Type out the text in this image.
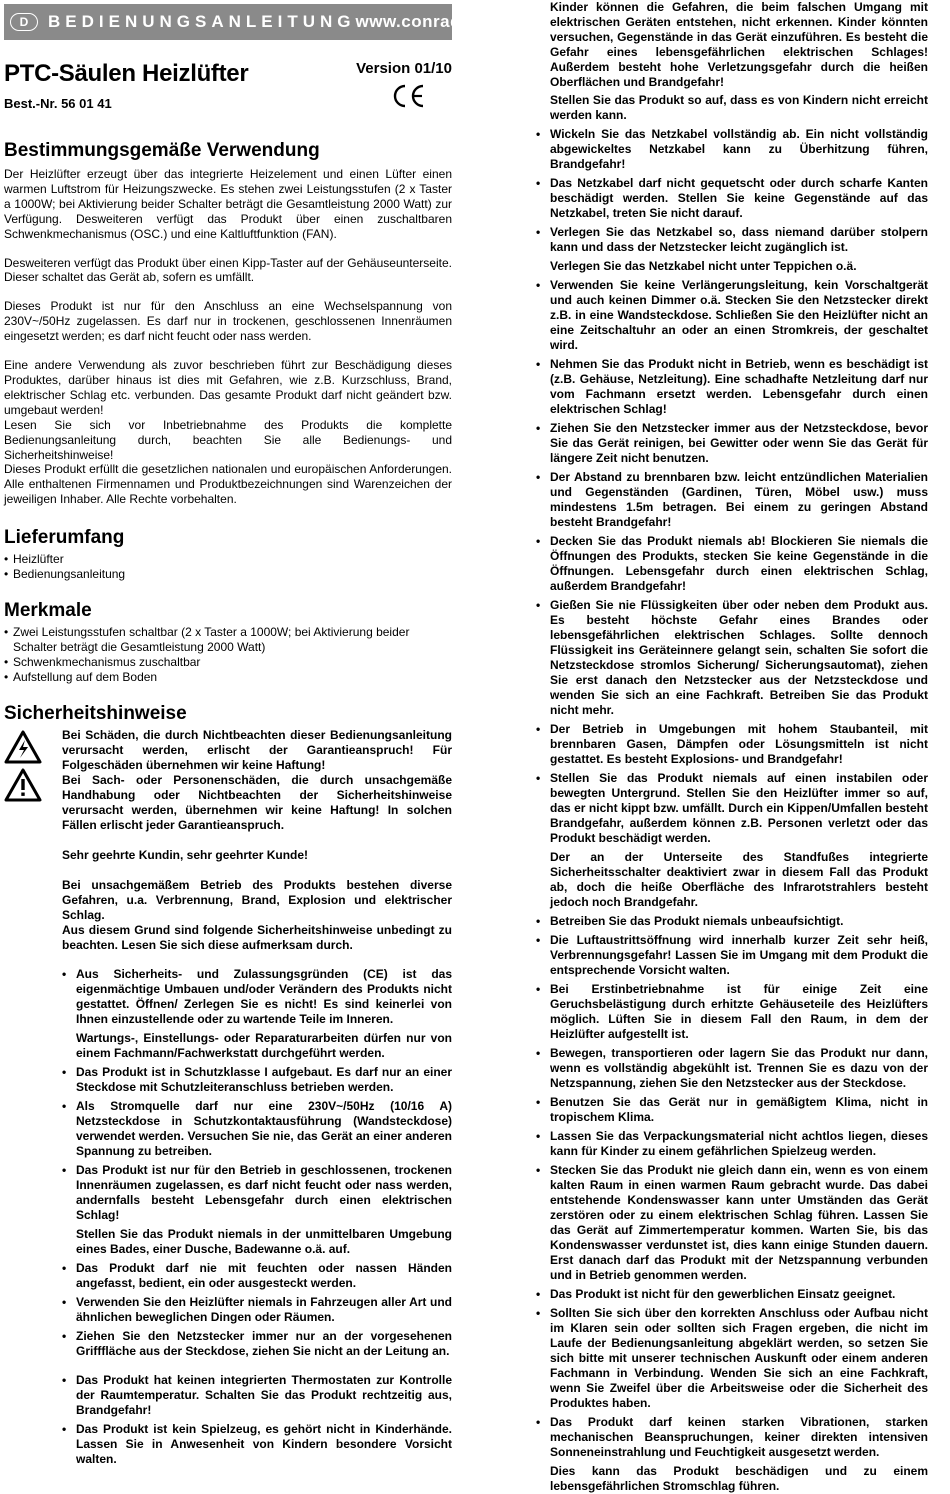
D	BEDIENUNGSANLEITUNG www.conrad.com
PTC-Säulen Heizlüfter
Best.-Nr. 56 01 41
Version 01/10
Bestimmungsgemäße Verwendung

Der Heizlüfter erzeugt über das integrierte Heizelement und einen Lüfter einen warmen Luftstrom für Heizungszwecke. Es stehen zwei Leistungsstufen (2 x Taster a 1000W; bei Aktivierung beider Schalter beträgt die Gesamtleistung 2000 Watt) zur Verfügung. Desweiteren verfügt das Produkt über einen zuschaltbaren Schwenkmechanismus (OSC.) und eine Kaltluftfunktion (FAN).

Desweiteren verfügt das Produkt über einen Kipp-Taster auf der Gehäuseunterseite. Dieser schaltet das Gerät ab, sofern es umfällt.

Dieses Produkt ist nur für den Anschluss an eine Wechselspannung von 230V~/50Hz zugelassen. Es darf nur in trockenen, geschlossenen Innenräumen eingesetzt werden; es darf nicht feucht oder nass werden.

Eine andere Verwendung als zuvor beschrieben führt zur Beschädigung dieses Produktes, darüber hinaus ist dies mit Gefahren, wie z.B. Kurzschluss, Brand, elektrischer Schlag etc. verbunden. Das gesamte Produkt darf nicht geändert bzw. umgebaut werden!

Lesen Sie sich vor Inbetriebnahme des Produkts die komplette Bedienungsanleitung durch, beachten Sie alle Bedienungs- und Sicherheitshinweise!

Dieses Produkt erfüllt die gesetzlichen nationalen und europäischen Anforderungen. Alle enthaltenen Firmennamen und Produktbezeichnungen sind Warenzeichen der jeweiligen Inhaber. Alle Rechte vorbehalten.

Lieferumfang
• Heizlüfter
• Bedienungsanleitung
Merkmale
• Zwei Leistungsstufen schaltbar (2 x Taster a 1000W; bei Aktivierung beider Schalter beträgt die Gesamtleistung 2000 Watt)
• Schwenkmechanismus zuschaltbar
• Aufstellung auf dem Boden
Sicherheitshinweise

Bei Schäden, die durch Nichtbeachten dieser Bedienungsanleitung verursacht werden, erlischt der Garantieanspruch! Für Folgeschäden übernehmen wir keine Haftung!

Bei Sach- oder Personenschäden, die durch unsachgemäße Handhabung oder Nichtbeachten der Sicherheitshinweise verursacht werden, übernehmen wir keine Haftung! In solchen Fällen erlischt jeder Garantieanspruch.

Sehr geehrte Kundin, sehr geehrter Kunde!

Bei unsachgemäßem Betrieb des Produkts bestehen diverse Gefahren, u.a. Verbrennung, Brand, Explosion und elektrischer Schlag.

Aus diesem Grund sind folgende Sicherheitshinweise unbedingt zu beachten. Lesen Sie sich diese aufmerksam durch.

• Aus Sicherheits- und Zulassungsgründen (CE) ist das eigenmächtige Umbauen und/oder Verändern des Produkts nicht gestattet. Öffnen/ Zerlegen Sie es nicht! Es sind keinerlei von Ihnen einzustellende oder zu wartende Teile im Inneren.
Wartungs-, Einstellungs- oder Reparaturarbeiten dürfen nur von einem Fachmann/Fachwerkstatt durchgeführt werden.
• Das Produkt ist in Schutzklasse I aufgebaut. Es darf nur an einer Steckdose mit Schutzleiteranschluss betrieben werden.
• Als Stromquelle darf nur eine 230V~/50Hz (10/16 A) Netzsteckdose in Schutzkontaktausführung (Wandsteckdose) verwendet werden. Versuchen Sie nie, das Gerät an einer anderen Spannung zu betreiben.
• Das Produkt ist nur für den Betrieb in geschlossenen, trockenen Innenräumen zugelassen, es darf nicht feucht oder nass werden, andernfalls besteht Lebensgefahr durch einen elektrischen Schlag!
Stellen Sie das Produkt niemals in der unmittelbaren Umgebung eines Bades, einer Dusche, Badewanne o.ä. auf.
• Das Produkt darf nie mit feuchten oder nassen Händen angefasst, bedient, ein oder ausgesteckt werden.
• Verwenden Sie den Heizlüfter niemals in Fahrzeugen aller Art und ähnlichen beweglichen Dingen oder Räumen.
• Ziehen Sie den Netzstecker immer nur an der vorgesehenen Grifffläche aus der Steckdose, ziehen Sie nicht an der Leitung an.
• Das Produkt hat keinen integrierten Thermostaten zur Kontrolle der Raumtemperatur. Schalten Sie das Produkt rechtzeitig aus, Brandgefahr!
• Das Produkt ist kein Spielzeug, es gehört nicht in Kinderhände. Lassen Sie in Anwesenheit von Kindern besondere Vorsicht walten.

Kinder können die Gefahren, die beim falschen Umgang mit elektrischen Geräten entstehen, nicht erkennen. Kinder könnten versuchen, Gegenstände in das Gerät einzuführen. Es besteht die Gefahr eines lebensgefährlichen elektrischen Schlages! Außerdem besteht hohe Verletzungsgefahr durch die heißen Oberflächen und Brandgefahr!

Stellen Sie das Produkt so auf, dass es von Kindern nicht erreicht werden kann.

• Wickeln Sie das Netzkabel vollständig ab. Ein nicht vollständig abgewickeltes Netzkabel kann zu Überhitzung führen, Brandgefahr!
• Das Netzkabel darf nicht gequetscht oder durch scharfe Kanten beschädigt werden. Stellen Sie keine Gegenstände auf das Netzkabel, treten Sie nicht darauf.
• Verlegen Sie das Netzkabel so, dass niemand darüber stolpern kann und dass der Netzstecker leicht zugänglich ist.
Verlegen Sie das Netzkabel nicht unter Teppichen o.ä.
• Verwenden Sie keine Verlängerungsleitung, kein Vorschaltgerät und auch keinen Dimmer o.ä. Stecken Sie den Netzstecker direkt z.B. in eine Wandsteckdose. Schließen Sie den Heizlüfter nicht an eine Zeitschaltuhr an oder an einen Stromkreis, der geschaltet wird.
• Nehmen Sie das Produkt nicht in Betrieb, wenn es beschädigt ist (z.B. Gehäuse, Netzleitung). Eine schadhafte Netzleitung darf nur vom Fachmann ersetzt werden. Lebensgefahr durch einen elektrischen Schlag!
• Ziehen Sie den Netzstecker immer aus der Netzsteckdose, bevor Sie das Gerät reinigen, bei Gewitter oder wenn Sie das Gerät für längere Zeit nicht benutzen.
• Der Abstand zu brennbaren bzw. leicht entzündlichen Materialien und Gegenständen (Gardinen, Türen, Möbel usw.) muss mindestens 1.5m betragen. Bei einem zu geringen Abstand besteht Brandgefahr!
• Decken Sie das Produkt niemals ab! Blockieren Sie niemals die Öffnungen des Produkts, stecken Sie keine Gegenstände in die Öffnungen. Lebensgefahr durch einen elektrischen Schlag, außerdem Brandgefahr!
• Gießen Sie nie Flüssigkeiten über oder neben dem Produkt aus. Es besteht höchste Gefahr eines Brandes oder lebensgefährlichen elektrischen Schlages. Sollte dennoch Flüssigkeit ins Geräteinnere gelangt sein, schalten Sie sofort die Netzsteckdose stromlos Sicherung/ Sicherungsautomat), ziehen Sie erst danach den Netzstecker aus der Netzsteckdose und wenden Sie sich an eine Fachkraft. Betreiben Sie das Produkt nicht mehr.
• Der Betrieb in Umgebungen mit hohem Staubanteil, mit brennbaren Gasen, Dämpfen oder Lösungsmitteln ist nicht gestattet. Es besteht Explosions- und Brandgefahr!
• Stellen Sie das Produkt niemals auf einen instabilen oder bewegten Untergrund. Stellen Sie den Heizlüfter immer so auf, das er nicht kippt bzw. umfällt. Durch ein Kippen/Umfallen besteht Brandgefahr, außerdem können z.B. Personen verletzt oder das Produkt beschädigt werden.
Der an der Unterseite des Standfußes integrierte Sicherheitsschalter deaktiviert zwar in diesem Fall das Produkt ab, doch die heiße Oberfläche des Infrarotstrahlers besteht jedoch noch Brandgefahr.
• Betreiben Sie das Produkt niemals unbeaufsichtigt.
• Die Luftaustrittsöffnung wird innerhalb kurzer Zeit sehr heiß, Verbrennungsgefahr! Lassen Sie im Umgang mit dem Produkt die entsprechende Vorsicht walten.
• Bei Erstinbetriebnahme ist für einige Zeit eine Geruchsbelästigung durch erhitzte Gehäuseteile des Heizlüfters möglich. Lüften Sie in diesem Fall den Raum, in dem der Heizlüfter aufgestellt ist.
• Bewegen, transportieren oder lagern Sie das Produkt nur dann, wenn es vollständig abgekühlt ist. Trennen Sie es dazu von der Netzspannung, ziehen Sie den Netzstecker aus der Steckdose.
• Benutzen Sie das Gerät nur in gemäßigtem Klima, nicht in tropischem Klima.
• Lassen Sie das Verpackungsmaterial nicht achtlos liegen, dieses kann für Kinder zu einem gefährlichen Spielzeug werden.
• Stecken Sie das Produkt nie gleich dann ein, wenn es von einem kalten Raum in einen warmen Raum gebracht wurde. Das dabei entstehende Kondenswasser kann unter Umständen das Gerät zerstören oder zu einem elektrischen Schlag führen. Lassen Sie das Gerät auf Zimmertemperatur kommen. Warten Sie, bis das Kondenswasser verdunstet ist, dies kann einige Stunden dauern. Erst danach darf das Produkt mit der Netzspannung verbunden und in Betrieb genommen werden.
• Das Produkt ist nicht für den gewerblichen Einsatz geeignet.
• Sollten Sie sich über den korrekten Anschluss oder Aufbau nicht im Klaren sein oder sollten sich Fragen ergeben, die nicht im Laufe der Bedienungsanleitung abgeklärt werden, so setzen Sie sich bitte mit unserer technischen Auskunft oder einem anderen Fachmann in Verbindung. Wenden Sie sich an eine Fachkraft, wenn Sie Zweifel über die Arbeitsweise oder die Sicherheit des Produktes haben.
• Das Produkt darf keinen starken Vibrationen, starken mechanischen Beanspruchungen, keiner direkten intensiven Sonneneinstrahlung und Feuchtigkeit ausgesetzt werden.
Dies kann das Produkt beschädigen und zu einem lebensgefährlichen Stromschlag führen.
